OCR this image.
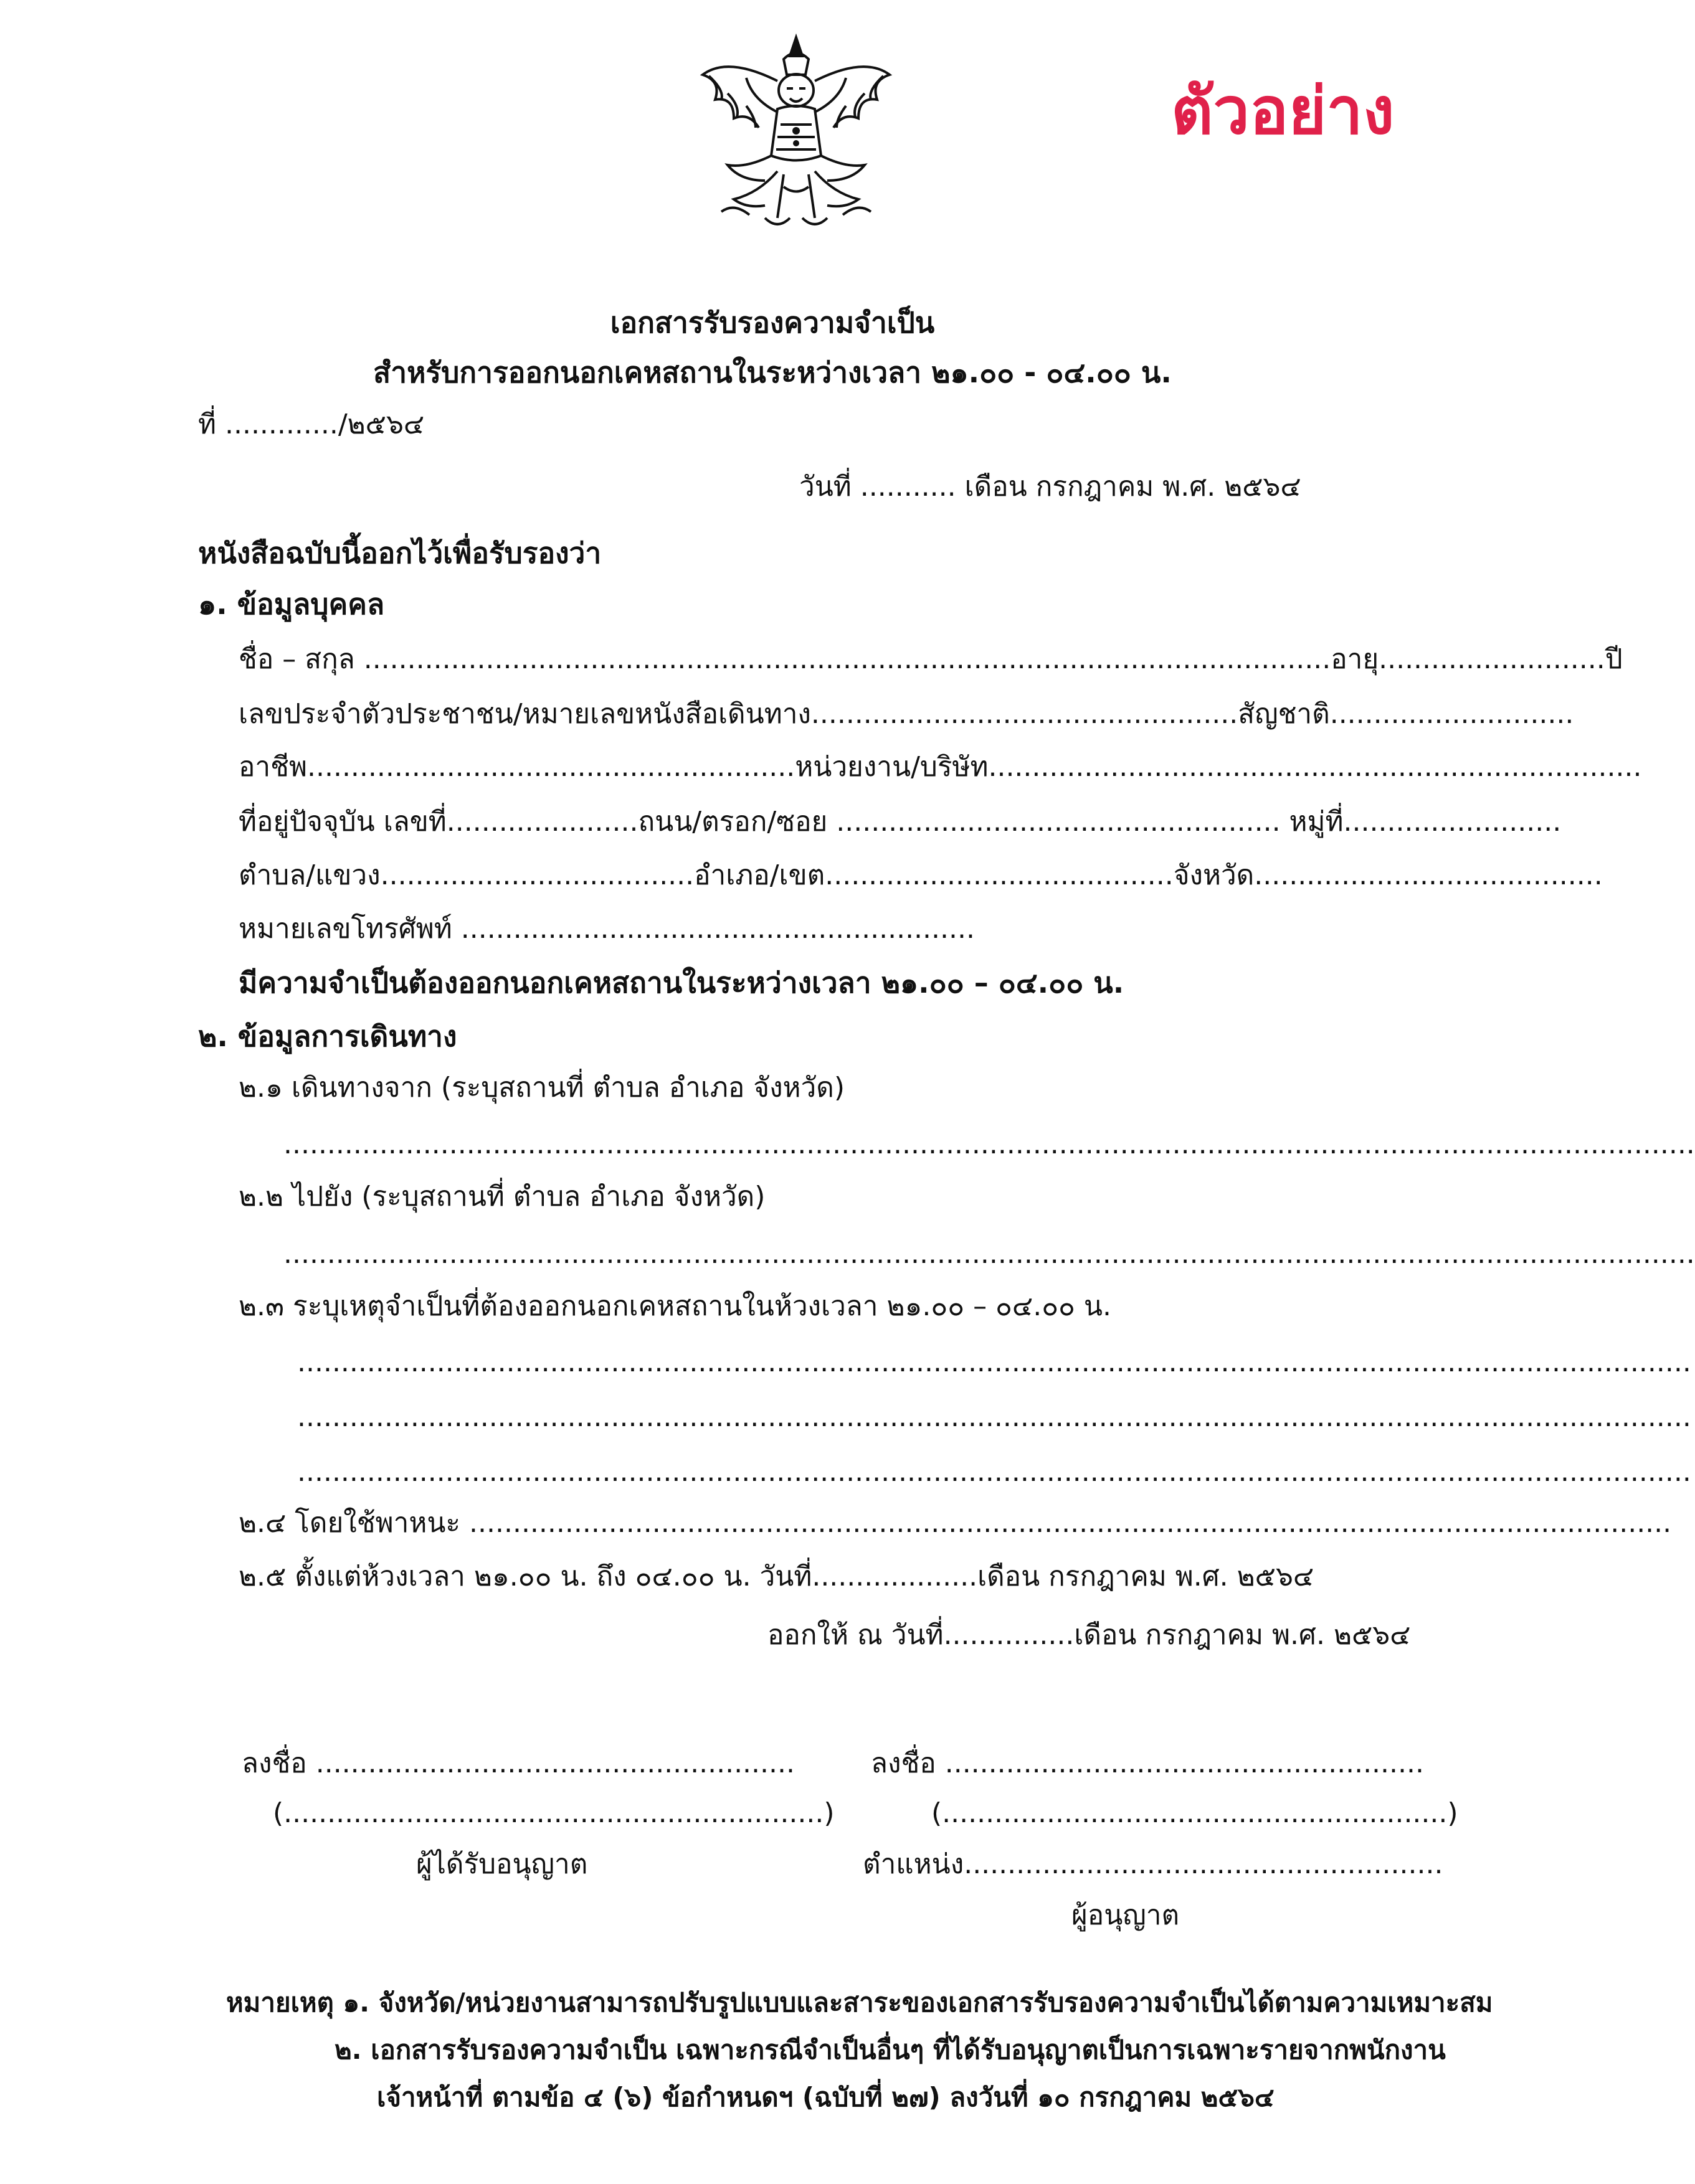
ตัวอย่าง
เอกสารรับรองความจำเป็น
สำหรับการออกนอกเคหสถานในระหว่างเวลา ๒๑.๐๐ - ๐๔.๐๐ น.
ที่ ............./๒๕๖๔
วันที่ ........... เดือน กรกฎาคม พ.ศ. ๒๕๖๔
หนังสือฉบับนี้ออกไว้เพื่อรับรองว่า
๑. ข้อมูลบุคคล
ชื่อ – สกุล ...............................................................................................................อายุ..........................ปี
เลขประจำตัวประชาชน/หมายเลขหนังสือเดินทาง.................................................สัญชาติ............................
อาชีพ........................................................หน่วยงาน/บริษัท...........................................................................
ที่อยู่ปัจจุบัน เลขที่......................ถนน/ตรอก/ซอย ................................................... หมู่ที่.........................
ตำบล/แขวง....................................อำเภอ/เขต........................................จังหวัด........................................
หมายเลขโทรศัพท์ ...........................................................
มีความจำเป็นต้องออกนอกเคหสถานในระหว่างเวลา ๒๑.๐๐ – ๐๔.๐๐ น.
๒. ข้อมูลการเดินทาง
๒.๑ เดินทางจาก (ระบุสถานที่ ตำบล อำเภอ จังหวัด)
..................................................................................................................................................................
๒.๒ ไปยัง (ระบุสถานที่ ตำบล อำเภอ จังหวัด)
..................................................................................................................................................................
๒.๓ ระบุเหตุจำเป็นที่ต้องออกนอกเคหสถานในห้วงเวลา ๒๑.๐๐ – ๐๔.๐๐ น.
................................................................................................................................................................
................................................................................................................................................................
................................................................................................................................................................
๒.๔ โดยใช้พาหนะ ..........................................................................................................................................
๒.๕ ตั้งแต่ห้วงเวลา ๒๑.๐๐ น. ถึง ๐๔.๐๐ น. วันที่...................เดือน กรกฎาคม พ.ศ. ๒๕๖๔
ออกให้ ณ วันที่...............เดือน กรกฎาคม พ.ศ. ๒๕๖๔
ลงชื่อ .......................................................
(..............................................................)
ผู้ได้รับอนุญาต
ลงชื่อ .......................................................
(..........................................................)
ตำแหน่ง.......................................................
ผู้อนุญาต
หมายเหตุ ๑. จังหวัด/หน่วยงานสามารถปรับรูปแบบและสาระของเอกสารรับรองความจำเป็นได้ตามความเหมาะสม
๒. เอกสารรับรองความจำเป็น เฉพาะกรณีจำเป็นอื่นๆ ที่ได้รับอนุญาตเป็นการเฉพาะรายจากพนักงาน
เจ้าหน้าที่ ตามข้อ ๔ (๖) ข้อกำหนดฯ (ฉบับที่ ๒๗) ลงวันที่ ๑๐ กรกฎาคม ๒๕๖๔
